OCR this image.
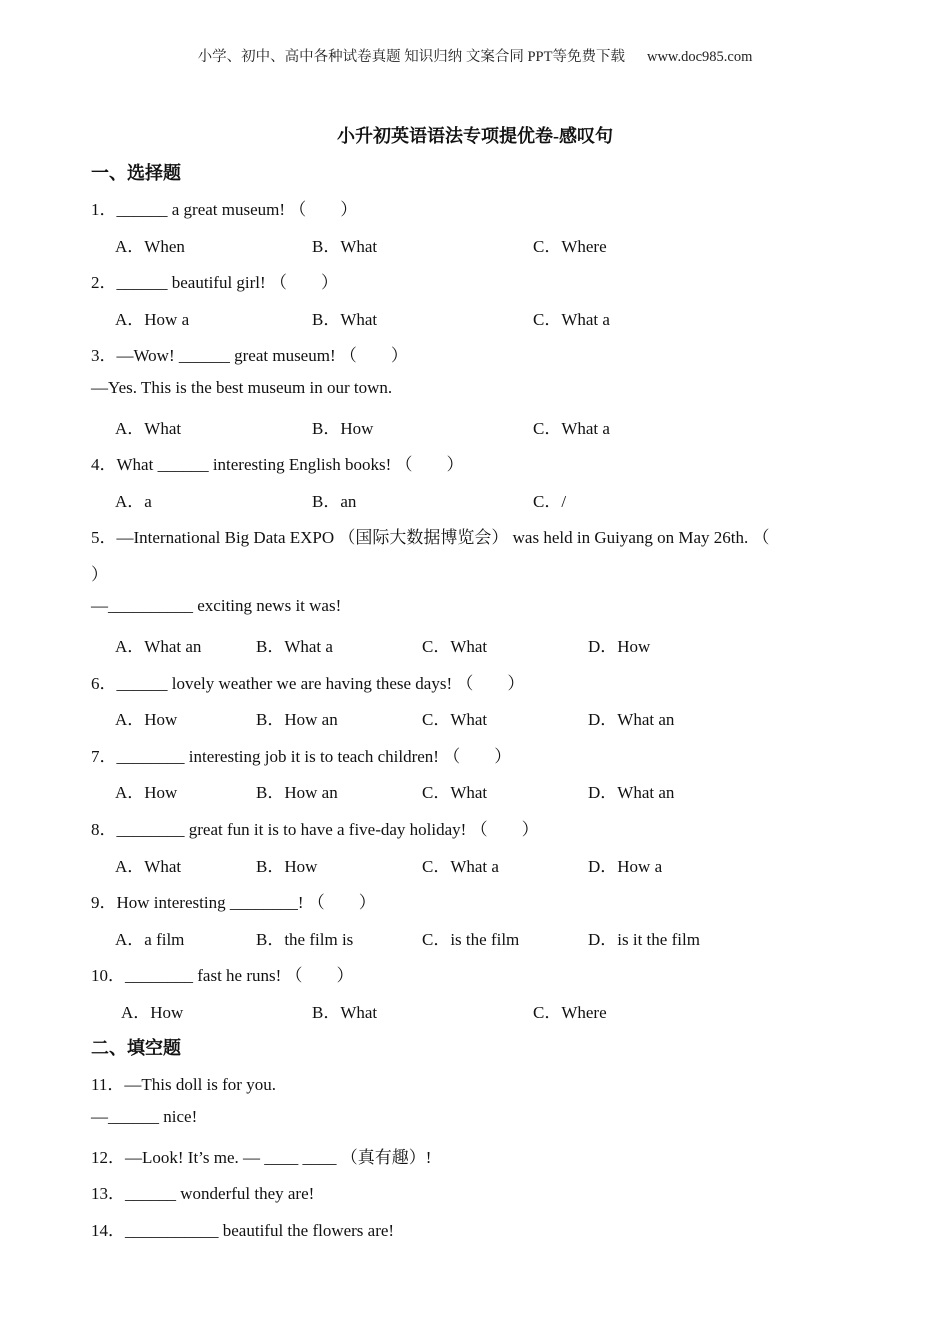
小学、初中、高中各种试卷真题 知识归纳 文案合同 PPT等免费下载 www.doc985.com
小升初英语语法专项提优卷-感叹句
一、选择题
1．______ a great museum! （　　）
A．When	B．What	C．Where
2．______ beautiful girl! （　　）
A．How a	B．What	C．What a
3．—Wow! ______ great museum! （　　）
—Yes. This is the best museum in our town.
A．What	B．How	C．What a
4．What ______ interesting English books! （　　）
A．a	B．an	C．/
5．—International Big Data EXPO （国际大数据博览会） was held in Guiyang on May 26th. （
）
—__________ exciting news it was!
A．What an	B．What a	C．What	D．How
6．______ lovely weather we are having these days! （　　）
A．How	B．How an	C．What	D．What an
7．________ interesting job it is to teach children! （　　）
A．How	B．How an	C．What	D．What an
8．________ great fun it is to have a five-day holiday! （　　）
A．What	B．How	C．What a	D．How a
9．How interesting ________! （　　）
A．a film	B．the film is	C．is the film	D．is it the film
10．________ fast he runs! （　　）
A．How	B．What	C．Where
二、填空题
11．—This doll is for you.
—______ nice!
12．—Look! It’s me. — ____ ____ （真有趣）!
13．______ wonderful they are!
14．___________ beautiful the flowers are!
